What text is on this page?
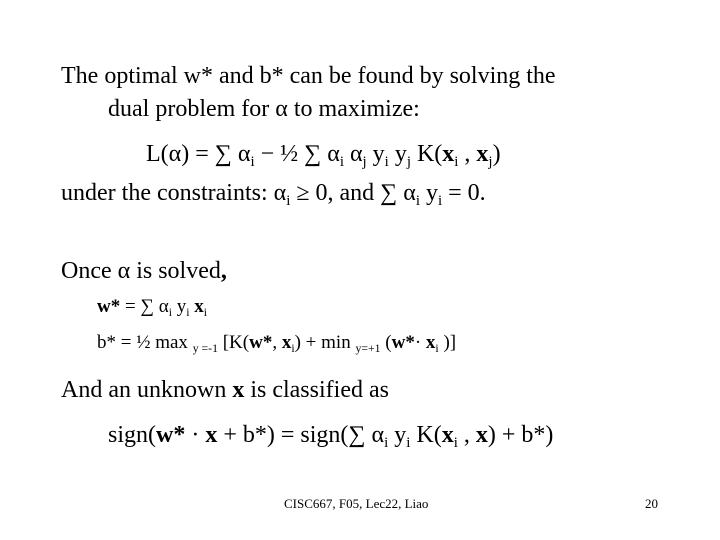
The optimal w* and b* can be found by solving the
dual problem for α to maximize:
L(α) = ∑ $\alpha_i$ − ½ ∑ $\alpha_i$ $\alpha_j$ $y_i$ $y_j$ $K(x_i$ , $x_j$)
under the constraints: $\alpha_i \ge 0$, and ∑ $\alpha_i$ $y_i = 0$.
Once α is solved,
w* = ∑ $\alpha_i$ $y_i$ $x_i$
b* = ½ max $_{y =-1}$ [K(w*, $x_i) + \min _{y=+1}$ ($w*\cdot x_i$ )]
And an unknown x is classified as
sign(w* · x + b*) = sign(∑ $\alpha_i$ $y_i$ $K(x_i$ , x) + b*)
CISC667, F05, Lec22, Liao	20
